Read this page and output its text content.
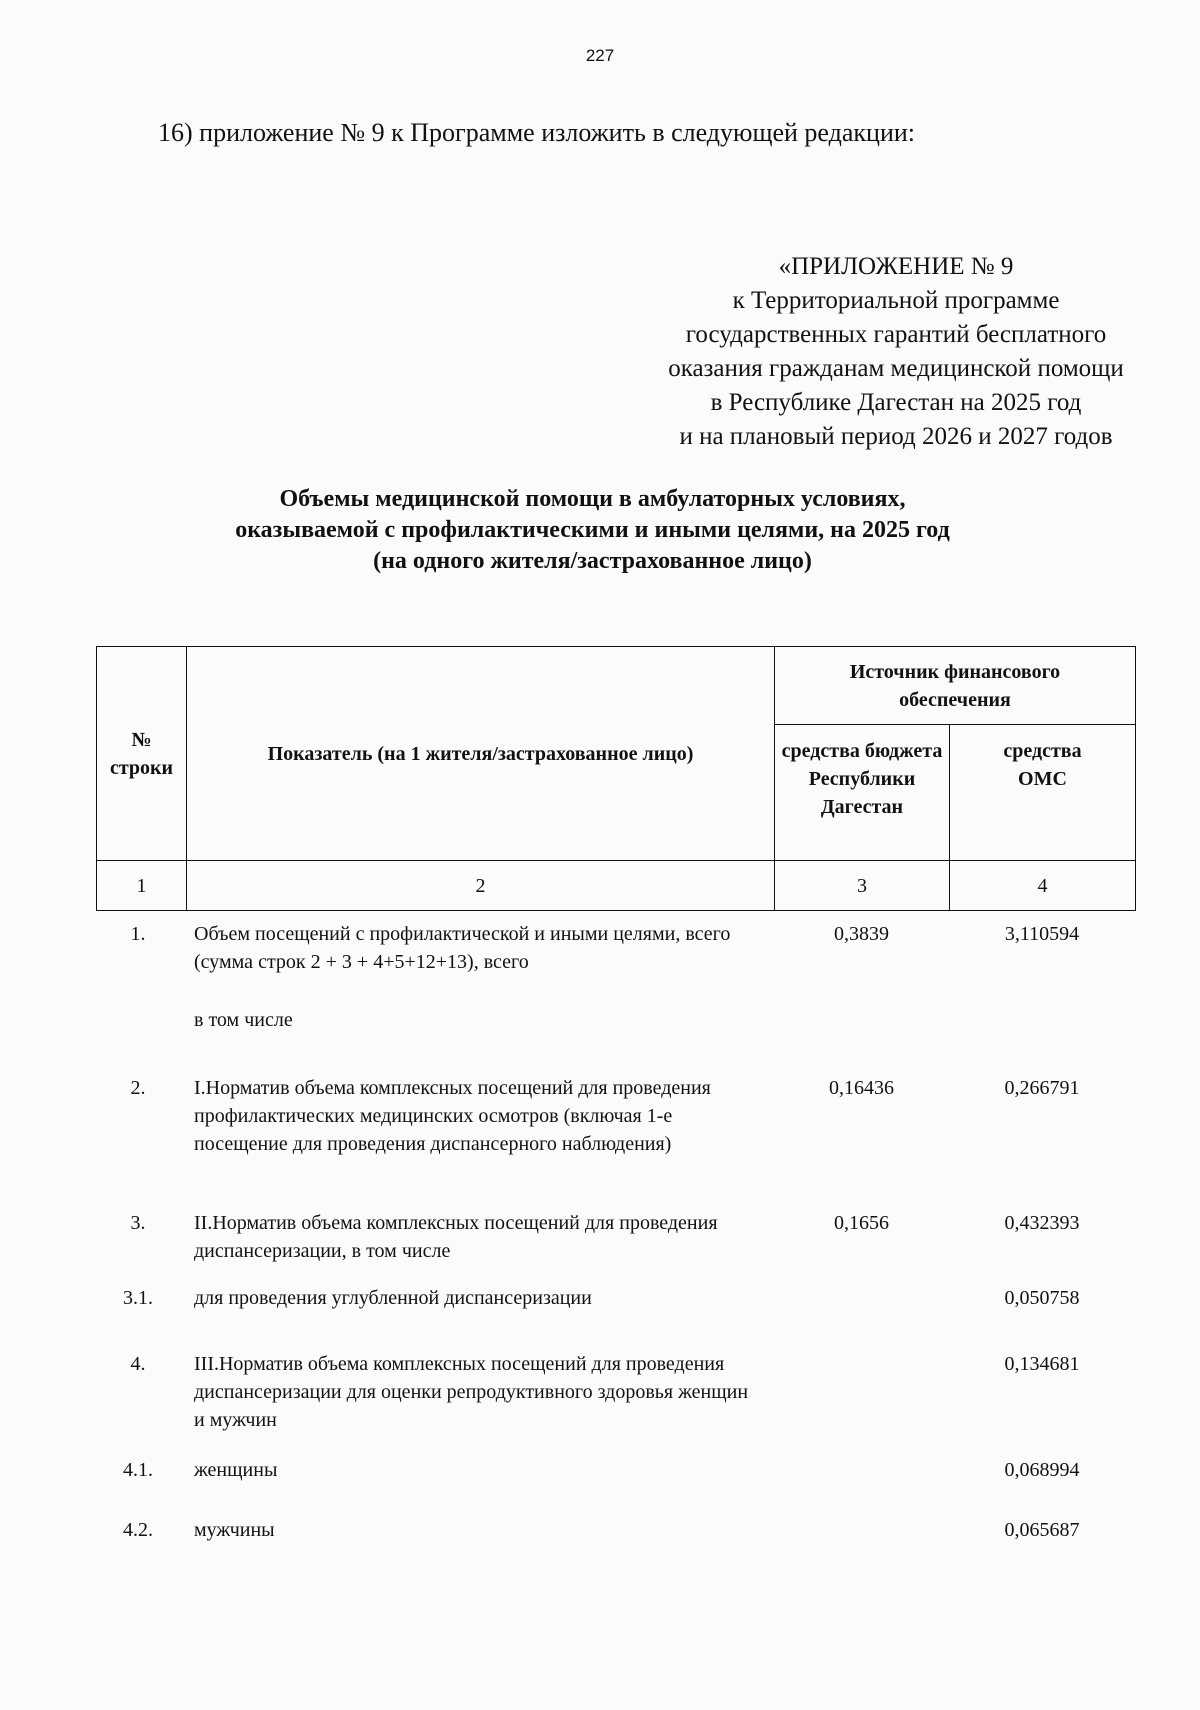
227
16) приложение № 9 к Программе изложить в следующей редакции:
«ПРИЛОЖЕНИЕ № 9
к Территориальной программе
государственных гарантий бесплатного
оказания гражданам медицинской помощи
в Республике Дагестан на 2025 год
и на плановый период 2026 и 2027 годов
Объемы медицинской помощи в амбулаторных условиях,
оказываемой с профилактическими и иными целями, на 2025 год
(на одного жителя/застрахованное лицо)
№ строки	Показатель (на 1 жителя/застрахованное лицо)	Источник финансового обеспечения	
		средства бюджета Республики Дагестан	средства ОМС
1	2	3	4
1.	Объем посещений с профилактической и иными целями, всего (сумма строк 2 + 3 + 4+5+12+13), всего	0,3839	3,110594
	в том числе		
2.	I.Норматив объема комплексных посещений для проведения профилактических медицинских осмотров (включая 1-е посещение для проведения диспансерного наблюдения)	0,16436	0,266791
3.	II.Норматив объема комплексных посещений для проведения диспансеризации, в том числе	0,1656	0,432393
3.1.	для проведения углубленной диспансеризации		0,050758
4.	III.Норматив объема комплексных посещений для проведения диспансеризации для оценки репродуктивного здоровья женщин и мужчин		0,134681
4.1.	женщины		0,068994
4.2.	мужчины		0,065687
